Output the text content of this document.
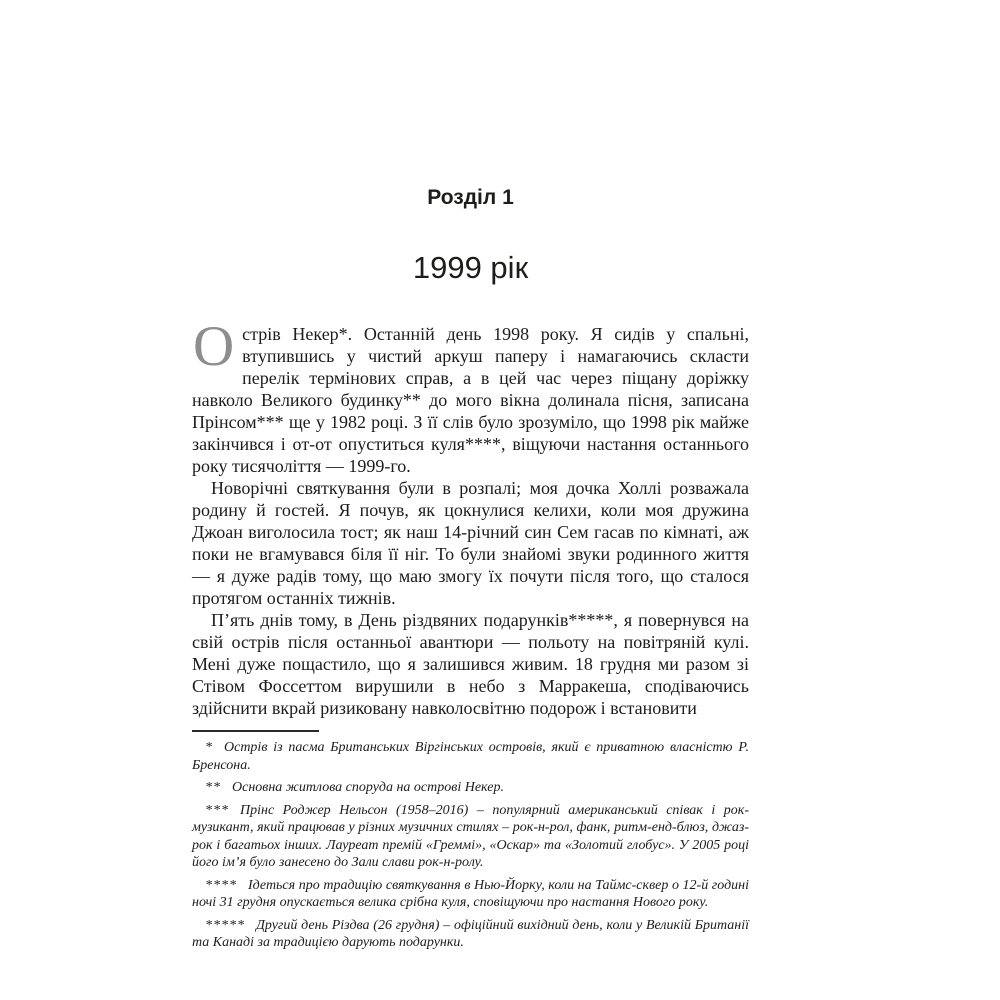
Розділ 1
1999 рік

Острів Некер*. Останній день 1998 року. Я сидів у спальні, втупившись у чистий аркуш паперу і намагаючись скласти перелік термінових справ, а в цей час через піщану доріжку навколо Великого будинку** до мого вікна долинала пісня, записана Прінсом*** ще у 1982 році. З її слів було зрозуміло, що 1998 рік майже закінчився і от-от опуститься куля****, віщуючи настання останнього року тисячоліття — 1999-го.

Новорічні святкування були в розпалі; моя дочка Холлі розважала родину й гостей. Я почув, як цокнулися келихи, коли моя дружина Джоан виголосила тост; як наш 14-річний син Сем гасав по кімнаті, аж поки не вгамувався біля її ніг. То були знайомі звуки родинного життя — я дуже радів тому, що маю змогу їх почути після того, що сталося протягом останніх тижнів.

П’ять днів тому, в День різдвяних подарунків*****, я повернувся на свій острів після останньої авантюри — польоту на повітряній кулі. Мені дуже пощастило, що я залишився живим. 18 грудня ми разом зі Стівом Фоссеттом вирушили в небо з Марракеша, сподіваючись здійснити вкрай ризиковану навколосвітню подорож і встановити

* Острів із пасма Британських Віргінських островів, який є приватною власністю Р. Бренсона.

** Основна житлова споруда на острові Некер.

*** Прінс Роджер Нельсон (1958–2016) – популярний американський співак і рок-музикант, який працював у різних музичних стилях – рок-н-рол, фанк, ритм-енд-блюз, джаз-рок і багатьох інших. Лауреат премій «Греммі», «Оскар» та «Золотий глобус». У 2005 році його ім’я було занесено до Зали слави рок-н-ролу.

**** Ідеться про традицію святкування в Нью-Йорку, коли на Таймс-сквер о 12-й годині ночі 31 грудня опускається велика срібна куля, сповіщуючи про настання Нового року.

***** Другий день Різдва (26 грудня) – офіційний вихідний день, коли у Великій Британії та Канаді за традицією дарують подарунки.
